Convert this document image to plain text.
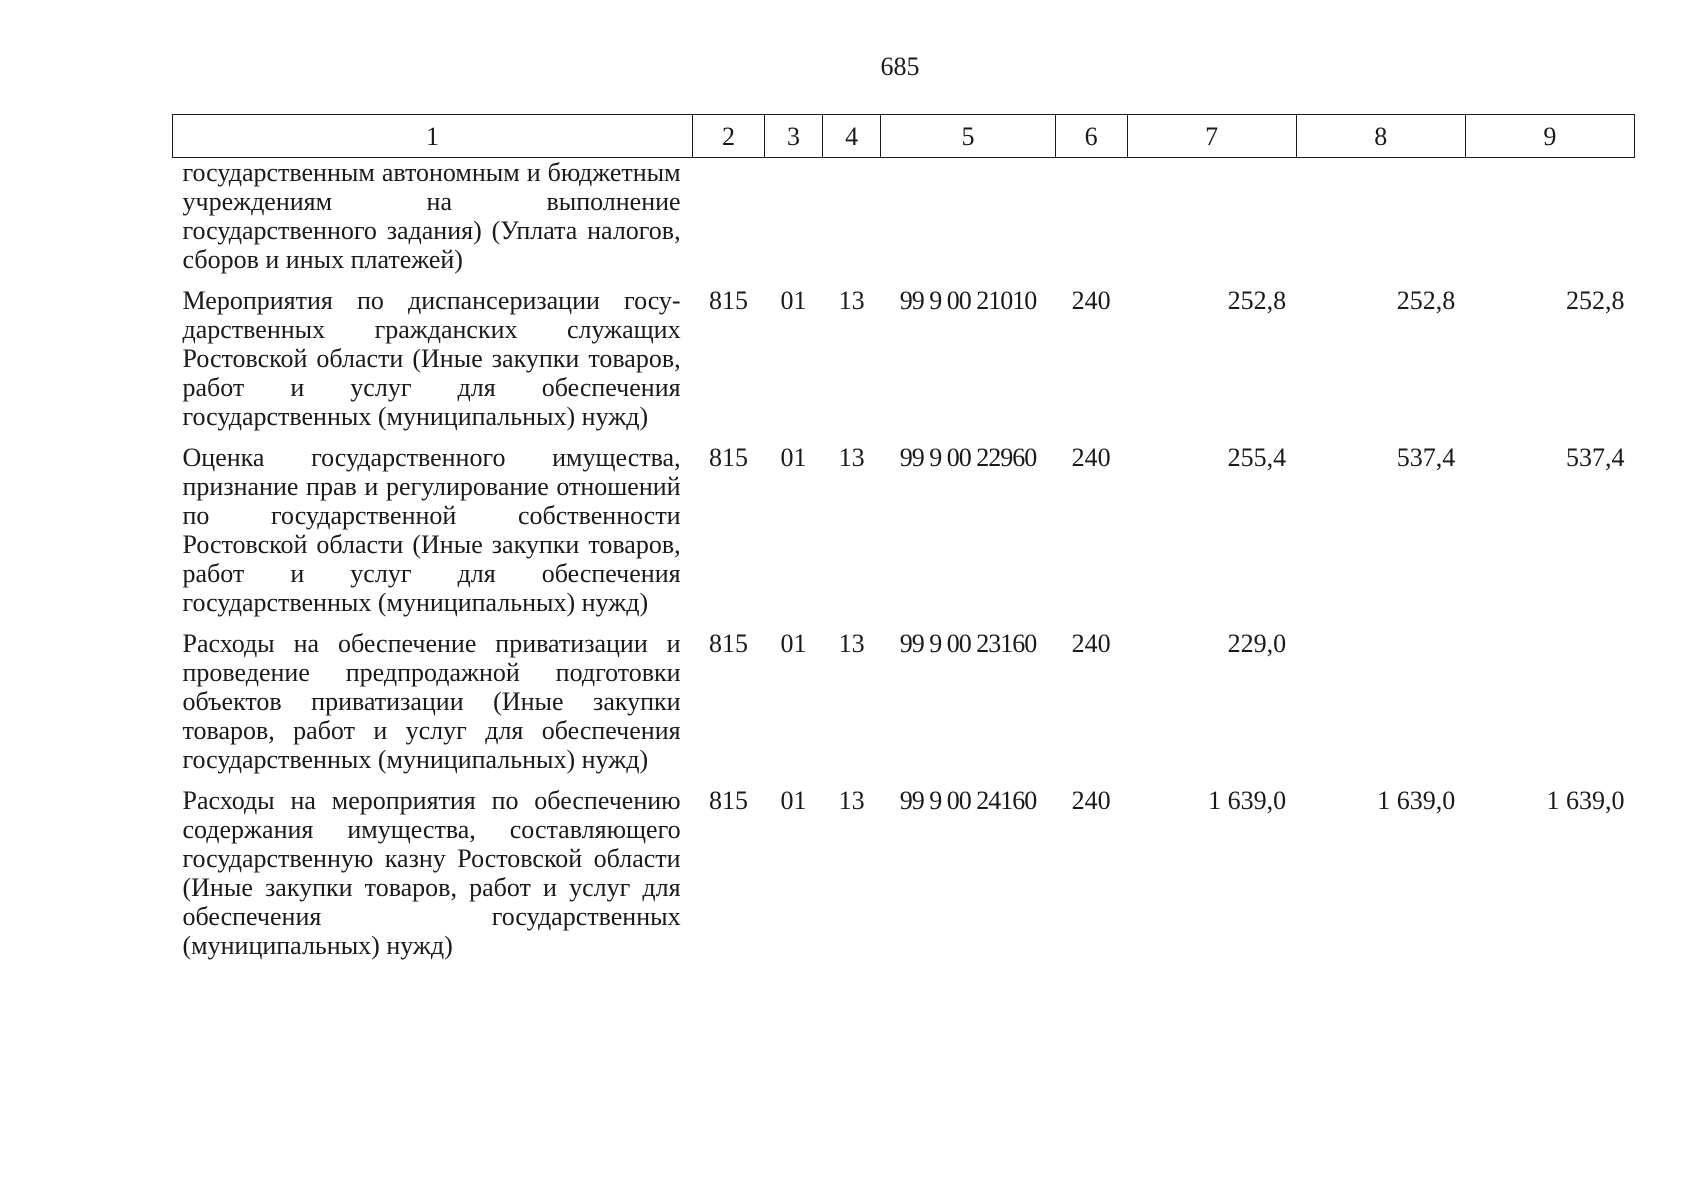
685
1	2	3	4	5	6	7	8	9
государственным автономным и бюджетным учреждениям на выполнение государственного задания) (Уплата налогов, сборов и иных платежей)								
Мероприятия по диспансеризации государственных гражданских служащих Ростовской области (Иные закупки товаров, работ и услуг для обеспечения государственных (муниципальных) нужд)	815	01	13	99 9 00 21010	240	252,8	252,8	252,8
Оценка государственного имущества, признание прав и регулирование отношений по государственной собственности Ростовской области (Иные закупки товаров, работ и услуг для обеспечения государственных (муниципальных) нужд)	815	01	13	99 9 00 22960	240	255,4	537,4	537,4
Расходы на обеспечение приватизации и проведение предпродажной подготовки объектов приватизации (Иные закупки товаров, работ и услуг для обеспечения государственных (муниципальных) нужд)	815	01	13	99 9 00 23160	240	229,0		
Расходы на мероприятия по обеспечению содержания имущества, составляющего государственную казну Ростовской области (Иные закупки товаров, работ и услуг для обеспечения государственных (муниципальных) нужд)	815	01	13	99 9 00 24160	240	1 639,0	1 639,0	1 639,0
